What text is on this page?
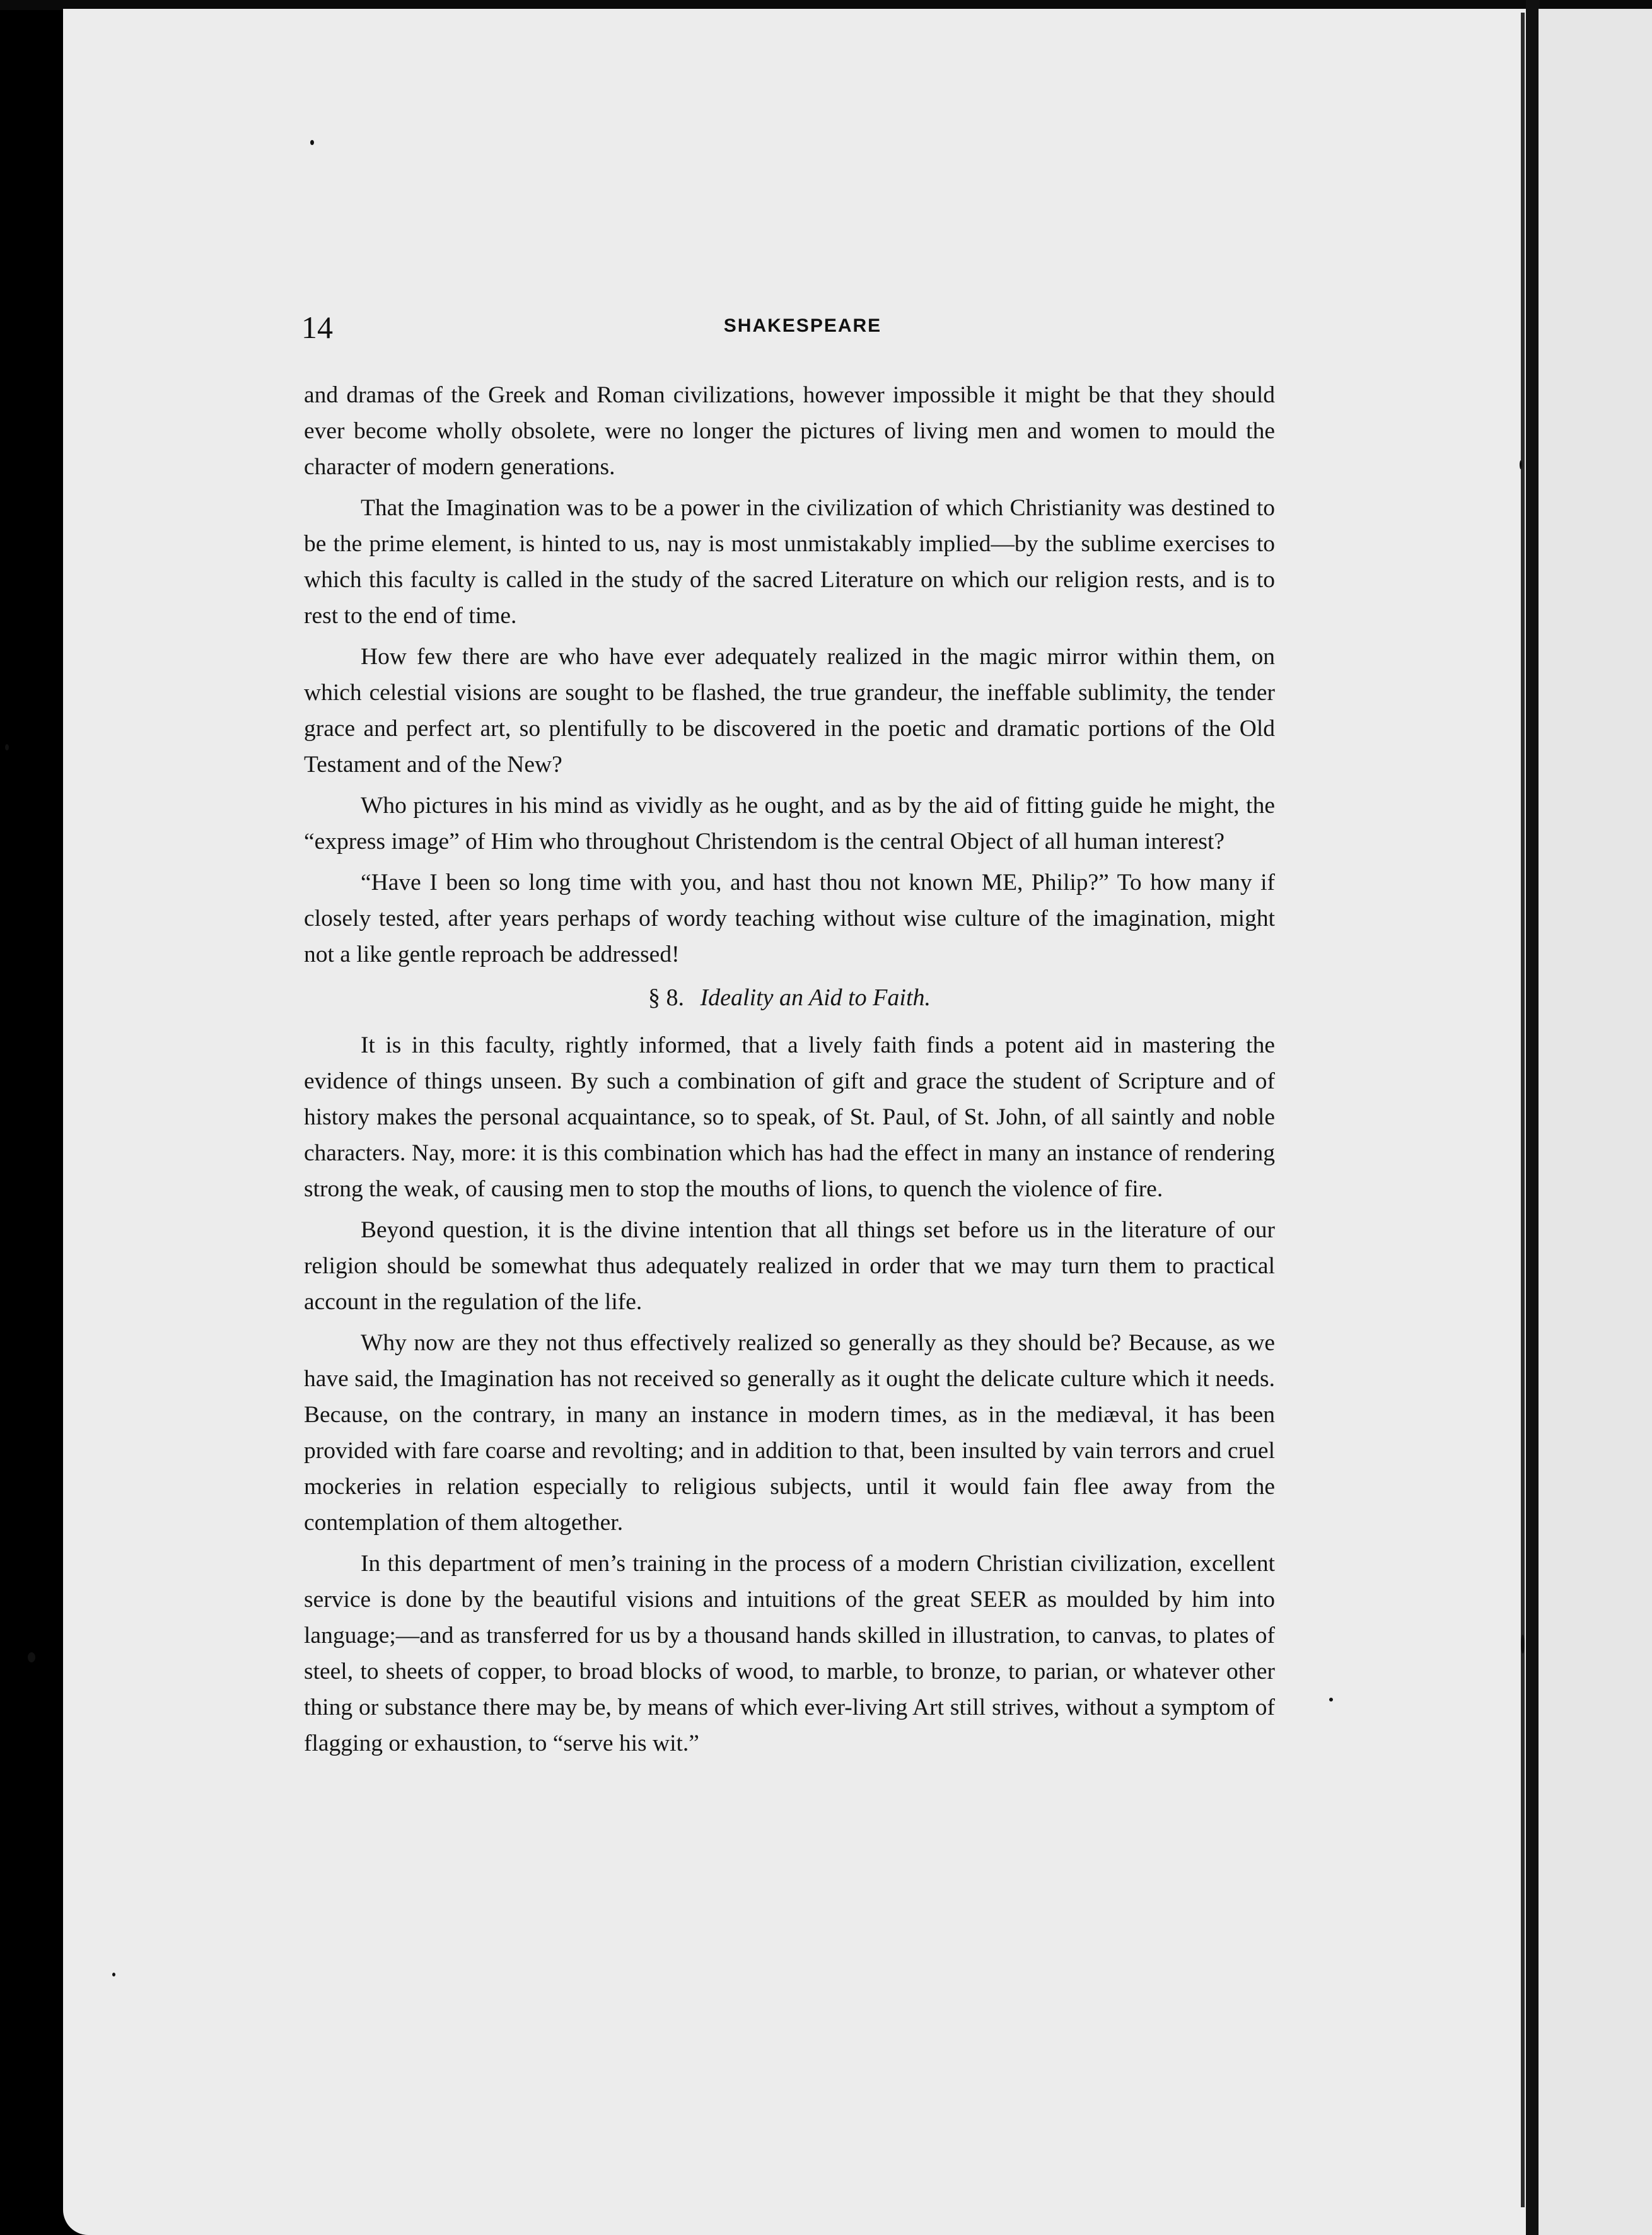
14	SHAKESPEARE

and dramas of the Greek and Roman civilizations, however impossible it might be that they should ever become wholly obsolete, were no longer the pictures of living men and women to mould the character of modern generations.

That the Imagination was to be a power in the civilization of which Christianity was destined to be the prime element, is hinted to us, nay is most unmistakably implied—by the sublime exercises to which this faculty is called in the study of the sacred Literature on which our religion rests, and is to rest to the end of time.

How few there are who have ever adequately realized in the magic mirror within them, on which celestial visions are sought to be flashed, the true grandeur, the ineffable sublimity, the tender grace and perfect art, so plentifully to be discovered in the poetic and dramatic portions of the Old Testament and of the New?

Who pictures in his mind as vividly as he ought, and as by the aid of fitting guide he might, the “express image” of Him who throughout Christendom is the central Object of all human interest?

“Have I been so long time with you, and hast thou not known ME, Philip?” To how many if closely tested, after years perhaps of wordy teaching without wise culture of the imagination, might not a like gentle reproach be addressed!

§ 8. Ideality an Aid to Faith.

It is in this faculty, rightly informed, that a lively faith finds a potent aid in mastering the evidence of things unseen. By such a combination of gift and grace the student of Scripture and of history makes the personal acquaintance, so to speak, of St. Paul, of St. John, of all saintly and noble characters. Nay, more: it is this combination which has had the effect in many an instance of rendering strong the weak, of causing men to stop the mouths of lions, to quench the violence of fire.

Beyond question, it is the divine intention that all things set before us in the literature of our religion should be somewhat thus adequately realized in order that we may turn them to practical account in the regulation of the life.

Why now are they not thus effectively realized so generally as they should be? Because, as we have said, the Imagination has not received so generally as it ought the delicate culture which it needs. Because, on the contrary, in many an instance in modern times, as in the mediæval, it has been provided with fare coarse and revolting; and in addition to that, been insulted by vain terrors and cruel mockeries in relation especially to religious subjects, until it would fain flee away from the contemplation of them altogether.

In this department of men’s training in the process of a modern Christian civilization, excellent service is done by the beautiful visions and intuitions of the great SEER as moulded by him into language;—and as transferred for us by a thousand hands skilled in illustration, to canvas, to plates of steel, to sheets of copper, to broad blocks of wood, to marble, to bronze, to parian, or whatever other thing or substance there may be, by means of which ever-living Art still strives, without a symptom of flagging or exhaustion, to “serve his wit.”
